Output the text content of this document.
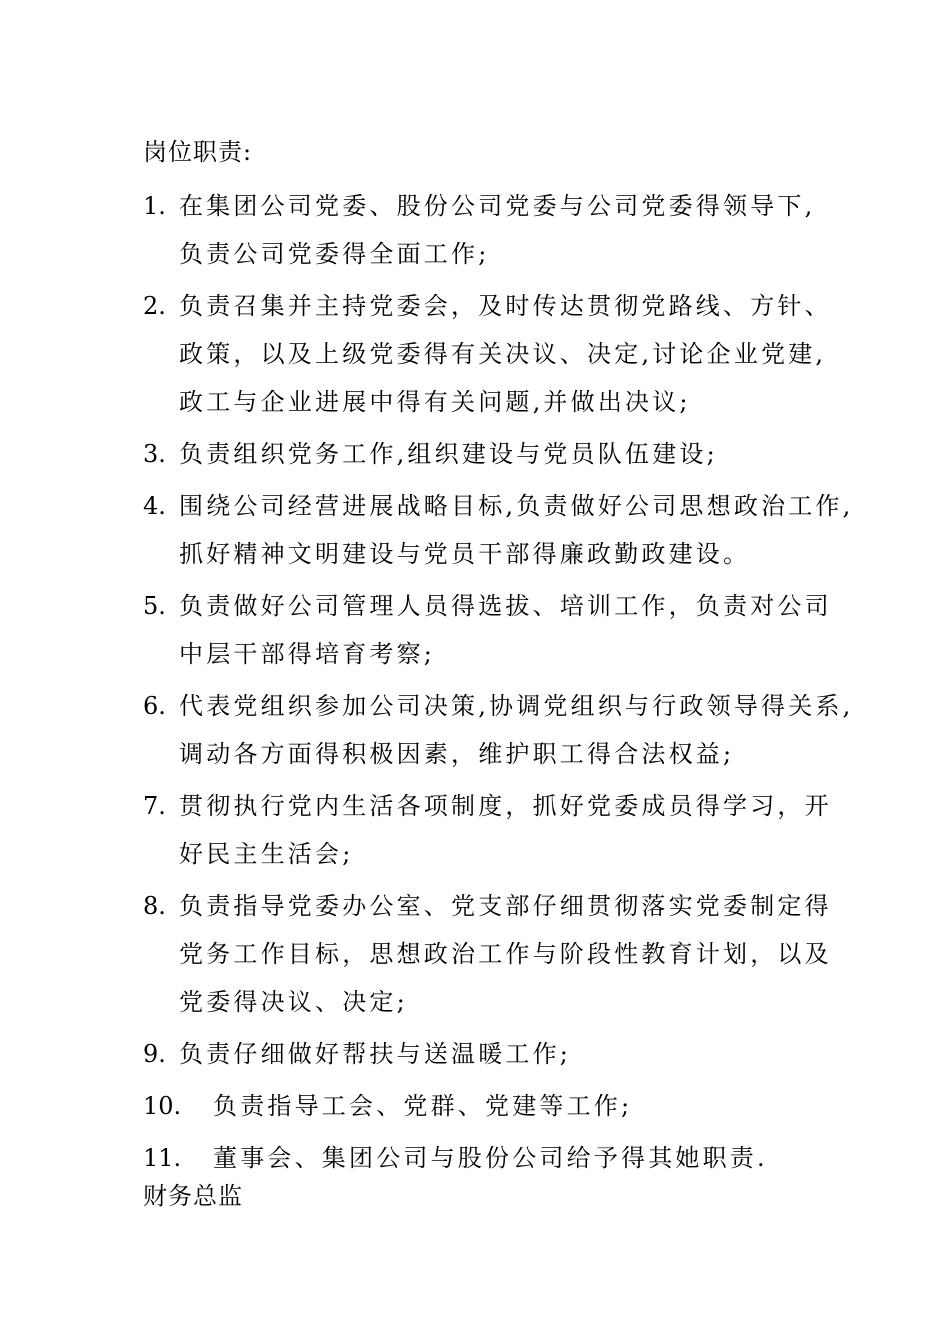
岗位职责:
1. 在集团公司党委、股份公司党委与公司党委得领导下,
负责公司党委得全面工作;
2. 负责召集并主持党委会，及时传达贯彻党路线、方针、
政策，以及上级党委得有关决议、决定,讨论企业党建,
政工与企业进展中得有关问题,并做出决议;
3. 负责组织党务工作,组织建设与党员队伍建设;
4. 围绕公司经营进展战略目标,负责做好公司思想政治工作,
抓好精神文明建设与党员干部得廉政勤政建设。
5. 负责做好公司管理人员得选拔、培训工作，负责对公司
中层干部得培育考察;
6. 代表党组织参加公司决策,协调党组织与行政领导得关系,
调动各方面得积极因素，维护职工得合法权益;
7. 贯彻执行党内生活各项制度，抓好党委成员得学习，开
好民主生活会;
8. 负责指导党委办公室、党支部仔细贯彻落实党委制定得
党务工作目标，思想政治工作与阶段性教育计划，以及
党委得决议、决定;
9. 负责仔细做好帮扶与送温暖工作;
10.	负责指导工会、党群、党建等工作;
11.	董事会、集团公司与股份公司给予得其她职责.
财务总监
